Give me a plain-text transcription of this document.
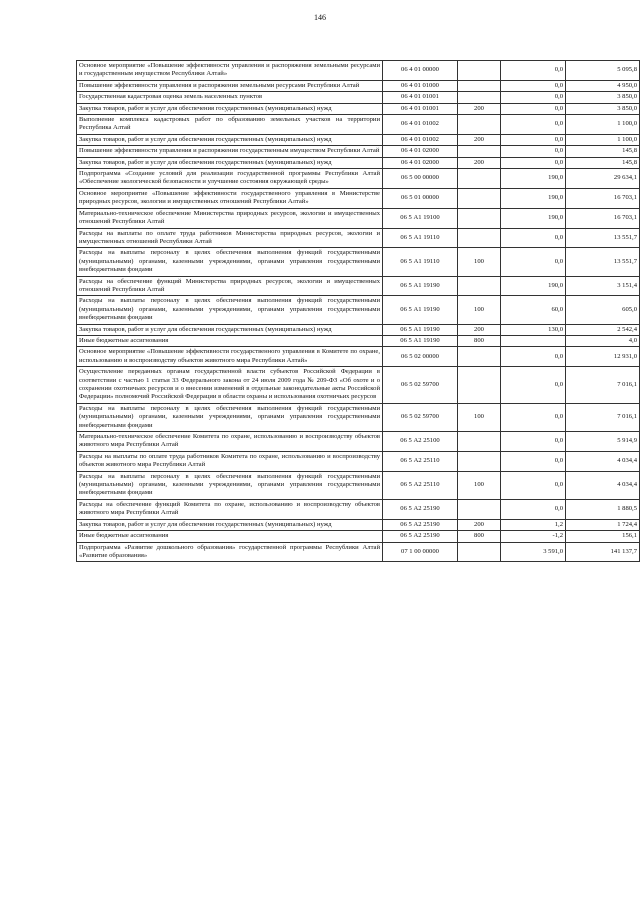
146
Основное мероприятие «Повышение эффективности управления и распоряжения земельными ресурсами и государственным имуществом Республики Алтай»	06 4 01 00000		0,0	5 095,8
Повышение эффективности управления и распоряжения земельными ресурсами Республики Алтай	06 4 01 01000		0,0	4 950,0
Государственная кадастровая оценка земель населенных пунктов	06 4 01 01001		0,0	3 850,0
Закупка товаров, работ и услуг для обеспечения государственных (муниципальных) нужд	06 4 01 01001	200	0,0	3 850,0
Выполнение комплекса кадастровых работ по образованию земельных участков на территории Республика Алтай	06 4 01 01002		0,0	1 100,0
Закупка товаров, работ и услуг для обеспечения государственных (муниципальных) нужд	06 4 01 01002	200	0,0	1 100,0
Повышение эффективности управления и распоряжения государственным имуществом Республики Алтай	06 4 01 02000		0,0	145,8
Закупка товаров, работ и услуг для обеспечения государственных (муниципальных) нужд	06 4 01 02000	200	0,0	145,8
Подпрограмма «Создание условий для реализации государственной программы Республики Алтай «Обеспечение экологической безопасности и улучшение состояния окружающей среды»	06 5 00 00000		190,0	29 634,1
Основное мероприятие «Повышение эффективности государственного управления в Министерстве природных ресурсов, экологии и имущественных отношений Республики Алтай»	06 5 01 00000		190,0	16 703,1
Материально-техническое обеспечение Министерства природных ресурсов, экологии и имущественных отношений Республики Алтай	06 5 А1 19100		190,0	16 703,1
Расходы на выплаты по оплате труда работников Министерства природных ресурсов, экологии и имущественных отношений Республики Алтай	06 5 А1 19110		0,0	13 551,7
Расходы на выплаты персоналу в целях обеспечения выполнения функций государственными (муниципальными) органами, казенными учреждениями, органами управления государственными внебюджетными фондами	06 5 А1 19110	100	0,0	13 551,7
Расходы на обеспечение функций Министерства природных ресурсов, экологии и имущественных отношений Республики Алтай	06 5 А1 19190		190,0	3 151,4
Расходы на выплаты персоналу в целях обеспечения выполнения функций государственными (муниципальными) органами, казенными учреждениями, органами управления государственными внебюджетными фондами	06 5 А1 19190	100	60,0	605,0
Закупка товаров, работ и услуг для обеспечения государственных (муниципальных) нужд	06 5 А1 19190	200	130,0	2 542,4
Иные бюджетные ассигнования	06 5 А1 19190	800		4,0
Основное мероприятие «Повышение эффективности государственного управления в Комитете по охране, использованию и воспроизводству объектов животного мира Республики Алтай»	06 5 02 00000		0,0	12 931,0
Осуществление переданных органам государственной власти субъектов Российской Федерации в соответствии с частью 1 статьи 33 Федерального закона от 24 июля 2009 года № 209-ФЗ «Об охоте и о сохранении охотничьих ресурсов и о внесении изменений в отдельные законодательные акты Российской Федерации» полномочий Российской Федерации в области охраны и использования охотничьих ресурсов	06 5 02 59700		0,0	7 016,1
Расходы на выплаты персоналу в целях обеспечения выполнения функций государственными (муниципальными) органами, казенными учреждениями, органами управления государственными внебюджетными фондами	06 5 02 59700	100	0,0	7 016,1
Материально-техническое обеспечение Комитета по охране, использованию и воспроизводству объектов животного мира Республики Алтай	06 5 А2 25100		0,0	5 914,9
Расходы на выплаты по оплате труда работников Комитета по охране, использованию и воспроизводству объектов животного мира Республики Алтай	06 5 А2 25110		0,0	4 034,4
Расходы на выплаты персоналу в целях обеспечения выполнения функций государственными (муниципальными) органами, казенными учреждениями, органами управления государственными внебюджетными фондами	06 5 А2 25110	100	0,0	4 034,4
Расходы на обеспечение функций Комитета по охране, использованию и воспроизводству объектов животного мира Республики Алтай	06 5 А2 25190		0,0	1 880,5
Закупка товаров, работ и услуг для обеспечения государственных (муниципальных) нужд	06 5 А2 25190	200	1,2	1 724,4
Иные бюджетные ассигнования	06 5 А2 25190	800	-1,2	156,1
Подпрограмма «Развитие дошкольного образования» государственной программы Республики Алтай «Развитие образования»	07 1 00 00000		3 591,0	141 137,7
